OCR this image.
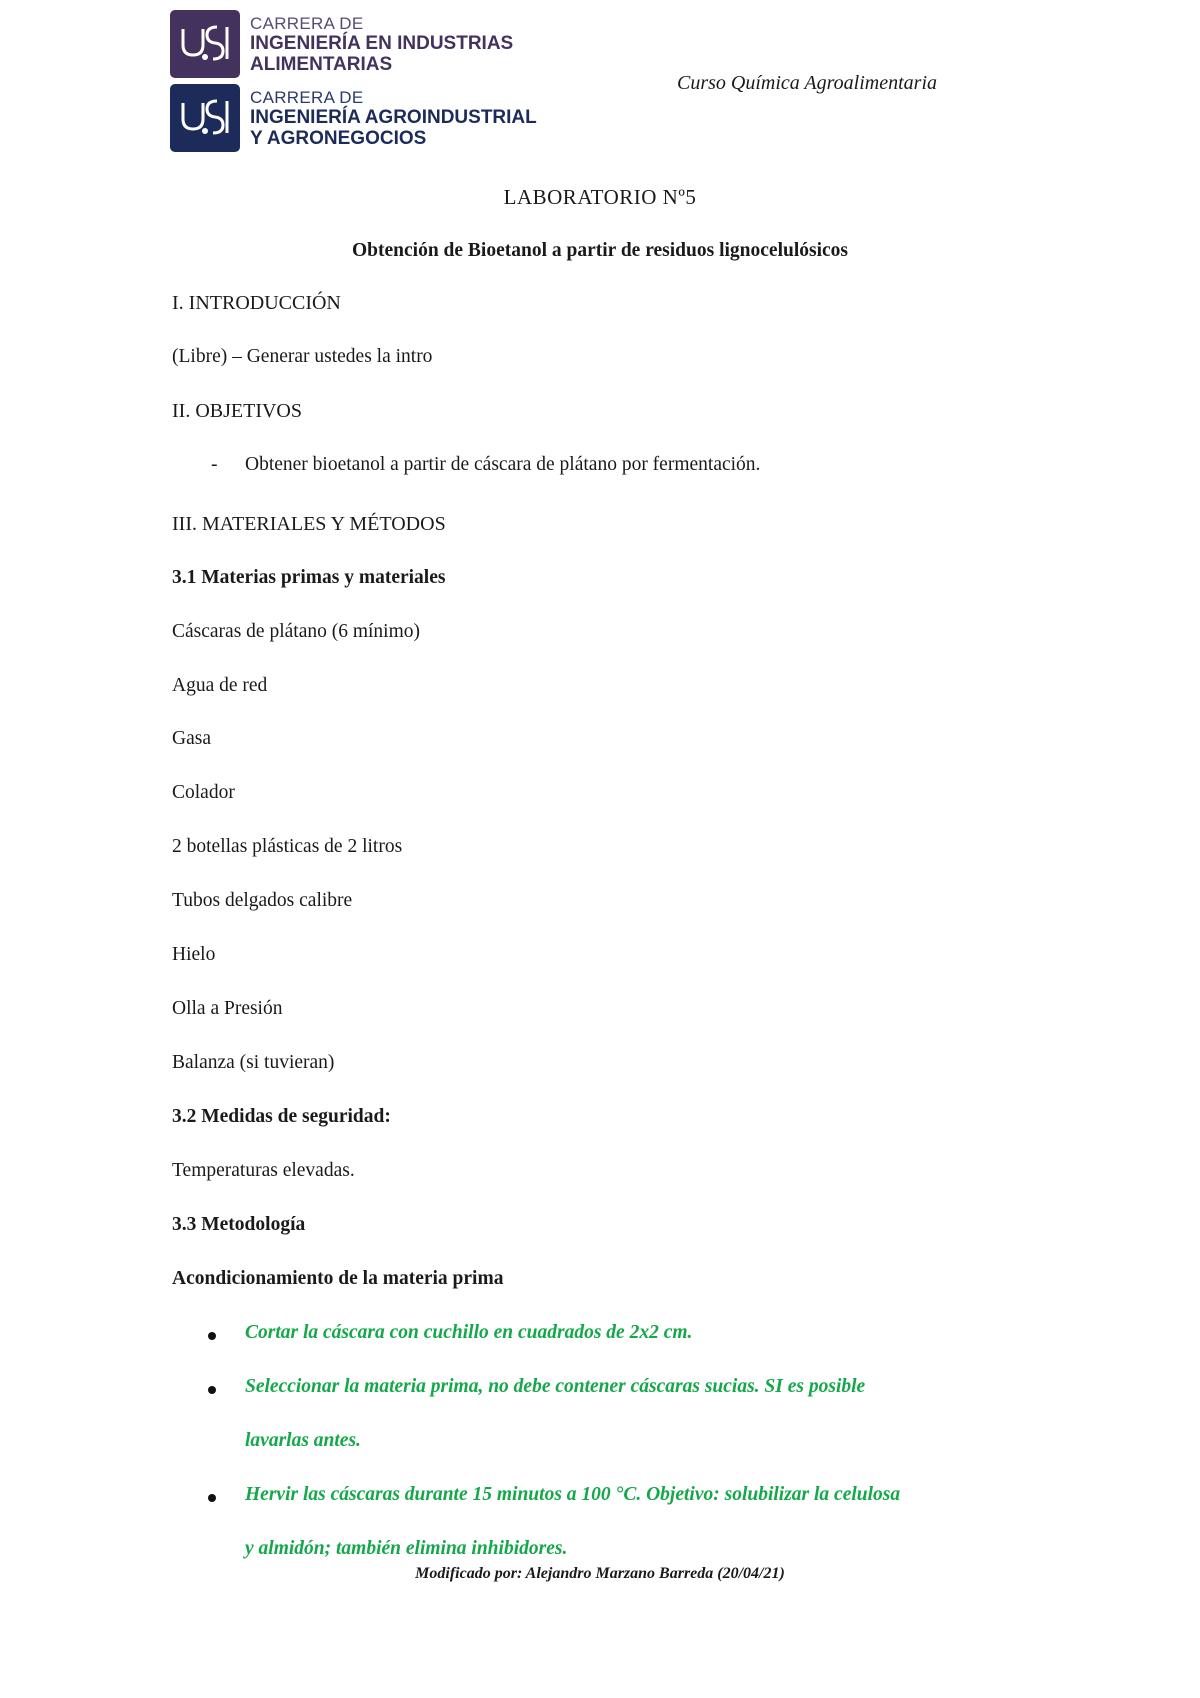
CARRERA DE
INGENIERÍA EN INDUSTRIAS
ALIMENTARIAS
CARRERA DE
INGENIERÍA AGROINDUSTRIAL
Y AGRONEGOCIOS
Curso Química Agroalimentaria
LABORATORIO Nº5
Obtención de Bioetanol a partir de residuos lignocelulósicos
I. INTRODUCCIÓN
(Libre) – Generar ustedes la intro
II. OBJETIVOS
- Obtener bioetanol a partir de cáscara de plátano por fermentación.
III. MATERIALES Y MÉTODOS
3.1 Materias primas y materiales
Cáscaras de plátano (6 mínimo)
Agua de red
Gasa
Colador
2 botellas plásticas de 2 litros
Tubos delgados calibre
Hielo
Olla a Presión
Balanza (si tuvieran)
3.2 Medidas de seguridad:
Temperaturas elevadas.
3.3 Metodología
Acondicionamiento de la materia prima
Cortar la cáscara con cuchillo en cuadrados de 2x2 cm.
Seleccionar la materia prima, no debe contener cáscaras sucias. SI es posible
lavarlas antes.
Hervir las cáscaras durante 15 minutos a 100 °C. Objetivo: solubilizar la celulosa
y almidón; también elimina inhibidores.
Modificado por: Alejandro Marzano Barreda (20/04/21)
